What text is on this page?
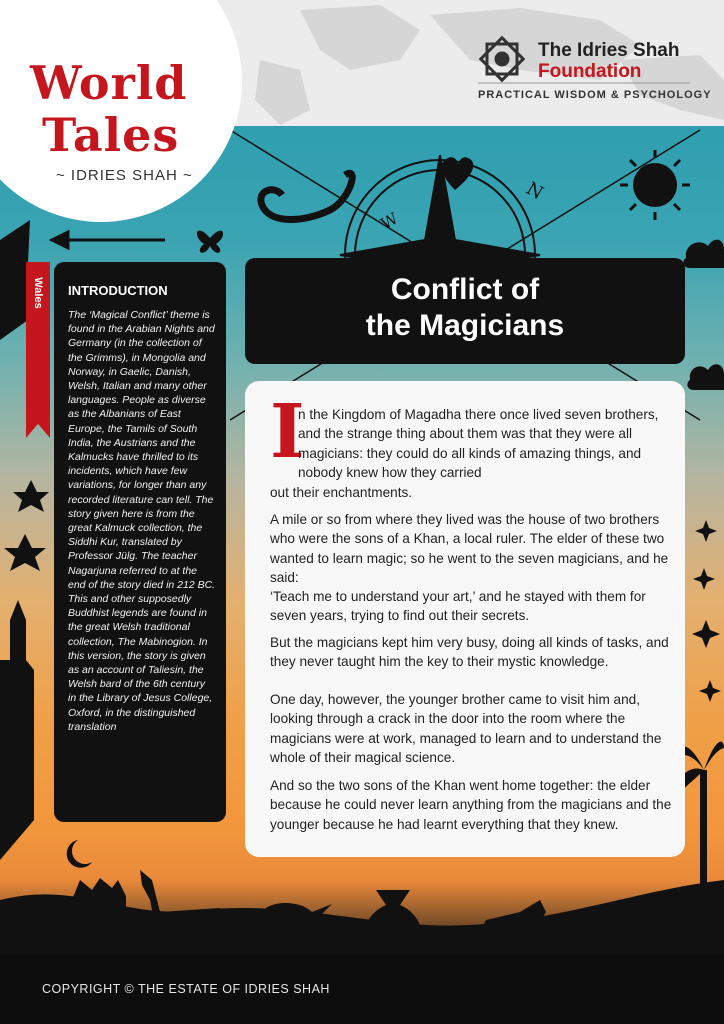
N
W
World
Tales
~ IDRIES SHAH ~
The Idries Shah
Foundation
PRACTICAL WISDOM & PSYCHOLOGY
Wales INTRODUCTION
The ‘Magical Conflict’ theme is found in the Arabian Nights and Germany (in the collection of the Grimms), in Mongolia and Norway, in Gaelic, Danish, Welsh, Italian and many other languages. People as diverse as the Albanians of East Europe, the Tamils of South India, the Austrians and the Kalmucks have thrilled to its incidents, which have few variations, for longer than any recorded literature can tell. The story given here is from the great Kalmuck collection, the Siddhi Kur, translated by Professor Jülg. The teacher Nagarjuna referred to at the end of the story died in 212 BC. This and other supposedly Buddhist legends are found in the great Welsh traditional collection, The Mabinogion. In this version, the story is given as an account of Taliesin, the Welsh bard of the 6th century in the Library of Jesus College, Oxford, in the distinguished translation
Conflict of
the Magicians
I
n the Kingdom of Magadha there once lived seven brothers, and the strange thing about them was that they were all magicians: they could do all kinds of amazing things, and nobody knew how they carried
out their enchantments.
A mile or so from where they lived was the house of two brothers who were the sons of a Khan, a local ruler. The elder of these two wanted to learn magic; so he went to the seven magicians, and he said:
‘Teach me to understand your art,’ and he stayed with them for seven years, trying to find out their secrets.
But the magicians kept him very busy, doing all kinds of tasks, and they never taught him the key to their mystic knowledge.
One day, however, the younger brother came to visit him and, looking through a crack in the door into the room where the magicians were at work, managed to learn and to understand the whole of their magical science.
And so the two sons of the Khan went home together: the elder because he could never learn anything from the magicians and the younger because he had learnt everything that they knew.
COPYRIGHT © THE ESTATE OF IDRIES SHAH
